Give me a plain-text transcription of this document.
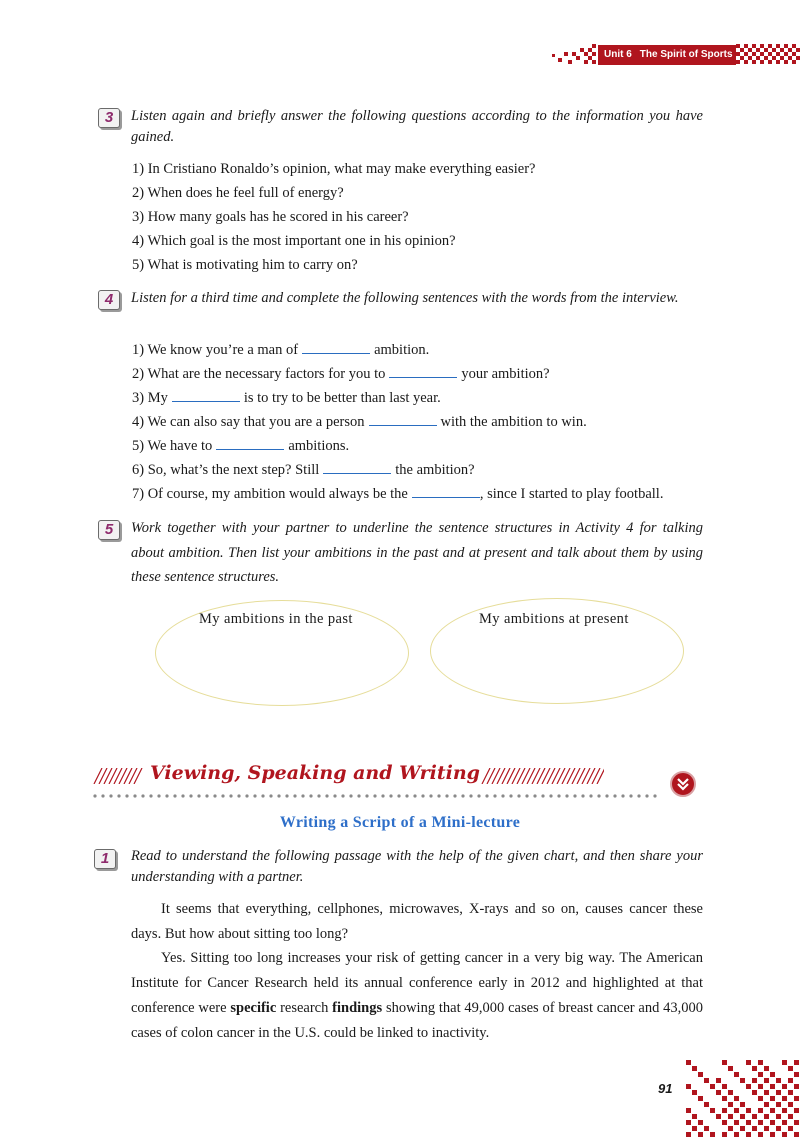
Unit 6 The Spirit of Sports
3	Listen again and briefly answer the following questions according to the information you have gained.
1) In Cristiano Ronaldo’s opinion, what may make everything easier?
2) When does he feel full of energy?
3) How many goals has he scored in his career?
4) Which goal is the most important one in his opinion?
5) What is motivating him to carry on?
4	Listen for a third time and complete the following sentences with the words from the interview.
1) We know you’re a man of	ambition.
2) What are the necessary factors for you to	your ambition?
3) My	is to try to be better than last year.
4) We can also say that you are a person	with the ambition to win.
5) We have to	ambitions.
6) So, what’s the next step? Still	the ambition?
7) Of course, my ambition would always be the	, since I started to play football.
5	Work together with your partner to underline the sentence structures in Activity 4 for talking about ambition. Then list your ambitions in the past and at present and talk about them by using these sentence structures.
My ambitions in the past	My ambitions at present
Viewing, Speaking and Writing
Writing a Script of a Mini-lecture
1	Read to understand the following passage with the help of the given chart, and then share your understanding with a partner.

It seems that everything, cellphones, microwaves, X-rays and so on, causes cancer these days. But how about sitting too long?

Yes. Sitting too long increases your risk of getting cancer in a very big way. The American Institute for Cancer Research held its annual conference early in 2012 and highlighted at that conference were specific research findings showing that 49,000 cases of breast cancer and 43,000 cases of colon cancer in the U.S. could be linked to inactivity.

91
